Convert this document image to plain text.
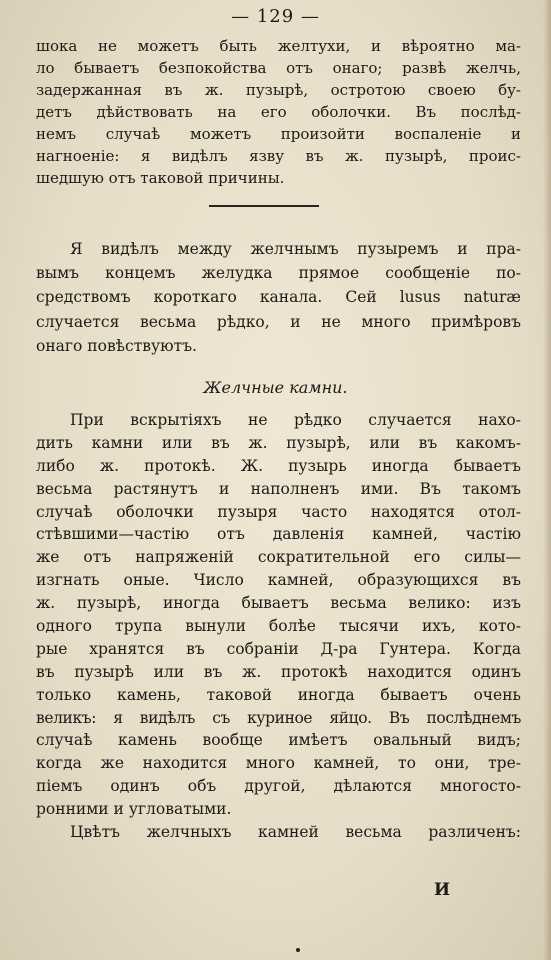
— 129 —
шока не можетъ быть желтухи, и вѣроятно ма-
ло бываетъ безпокойства отъ онаго; развѣ желчь,
задержанная въ ж. пузырѣ, остротою своею бу-
детъ дѣйствовать на его оболочки. Въ послѣд-
немъ случаѣ можетъ произойти воспаленіе и
нагноеніе: я видѣлъ язву въ ж. пузырѣ, проис-
шедшую отъ таковой причины.
Я видѣлъ между желчнымъ пузыремъ и пра-
вымъ концемъ желудка прямое сообщеніе по-
средствомъ короткаго канала. Сей lusus naturæ
случается весьма рѣдко, и не много примѣровъ
онаго повѣствуютъ.
Желчные камни.
При вскрытіяхъ не рѣдко случается нахо-
дить камни или въ ж. пузырѣ, или въ какомъ-
либо ж. протокѣ. Ж. пузырь иногда бываетъ
весьма растянутъ и наполненъ ими. Въ такомъ
случаѣ оболочки пузыря часто находятся отол-
стѣвшими—частію отъ давленія камней, частію
же отъ напряженій сократительной его силы—
изгнать оные. Число камней, образующихся въ
ж. пузырѣ, иногда бываетъ весьма велико: изъ
одного трупа вынули болѣе тысячи ихъ, кото-
рые хранятся въ собраніи Д-ра Гунтера. Когда
въ пузырѣ или въ ж. протокѣ находится одинъ
только камень, таковой иногда бываетъ очень
великъ: я видѣлъ съ куриное яйцо. Въ послѣднемъ
случаѣ камень вообще имѣетъ овальный видъ;
когда же находится много камней, то они, тре-
піемъ одинъ объ другой, дѣлаются многосто-
ронними и угловатыми.
Цвѣтъ желчныхъ камней весьма различенъ:
И
